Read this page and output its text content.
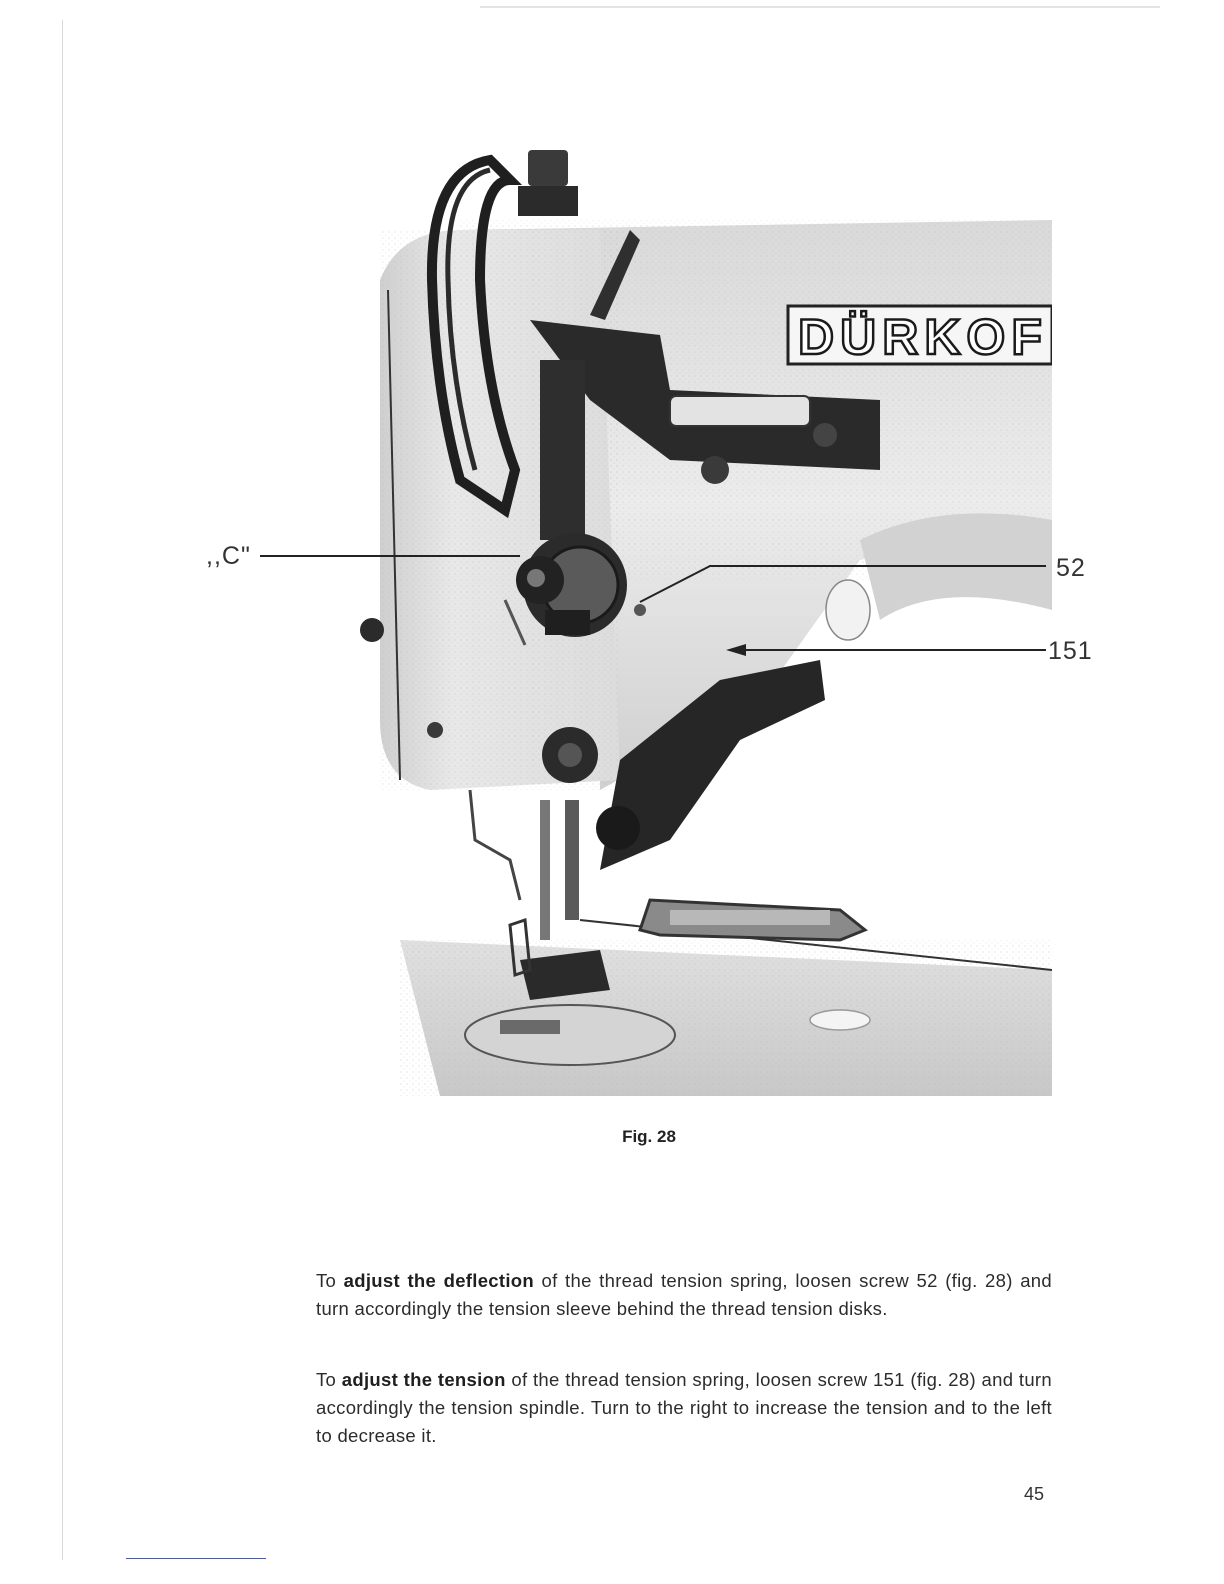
DÜRKOF
,,C"	52
151
Fig. 28
To adjust the deflection of the thread tension spring, loosen screw 52 (fig. 28) and turn accordingly the tension sleeve behind the thread tension disks.
To adjust the tension of the thread tension spring, loosen screw 151 (fig. 28) and turn accordingly the tension spindle. Turn to the right to increase the tension and to the left to decrease it.
45
